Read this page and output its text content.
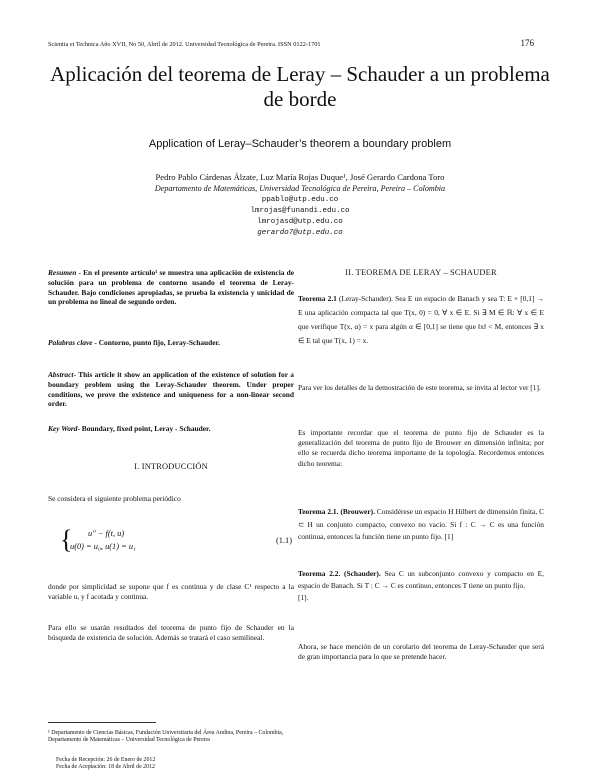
Scientia et Technica Año XVII, No 50, Abril de 2012. Universidad Tecnológica de Pereira. ISSN 0122-1701	176
Aplicación del teorema de Leray – Schauder a un problema de borde
Application of Leray–Schauder’s theorem a boundary problem
Pedro Pablo Cárdenas Álzate, Luz María Rojas Duque¹, José Gerardo Cardona Toro
Departamento de Matemáticas, Universidad Tecnológica de Pereira, Pereira – Colombia
ppablo@utp.edu.co
lmrojas@funandi.edu.co
lmrojasd@utp.edu.co
gerardo7@utp.edu.co
Resumen - En el presente artículo¹ se muestra una aplicación de existencia de solución para un problema de contorno usando el teorema de Leray-Schauder. Bajo condiciones apropiadas, se prueba la existencia y unicidad de un problema no lineal de segundo orden.
Palabras clave - Contorno, punto fijo, Leray-Schauder.
Abstract- This article it show an application of the existence of solution for a boundary problem using the Leray-Schauder theorem. Under proper conditions, we prove the existence and uniqueness for a non-linear second order.
Key Word- Boundary, fixed point, Leray - Schauder.
I. INTRODUCCIÓN
Se considera el siguiente problema periódico
{ u″ − f(t, u)
u(0) = u₀, u(1) = u₁
(1.1)
donde por simplicidad se supone que f es continua y de clase C¹ respecto a la variable u, y f acotada y continua.
Para ello se usarán resultados del teorema de punto fijo de Schauder en la búsqueda de existencia de solución. Además se tratará el caso semilineal.
¹ Departamento de Ciencias Básicas, Fundación Universitaria del Área Andina, Pereira – Colombia, Departamento de Matemáticas – Universidad Tecnológica de Pereira
Fecha de Recepción: 26 de Enero de 2012
Fecha de Aceptación: 18 de Abril de 2012
II. TEOREMA DE LERAY – SCHAUDER
Teorema 2.1 (Leray-Schauder). Sea E un espacio de Banach y sea T: E × [0,1] → E una aplicación compacta tal que T(x, 0) = 0, ∀ x ∈ E. Si ∃ M ∈ ℝ: ∀ x ∈ E que verifique T(x, α) = x para algún α ∈ [0,1] se tiene que ‖x‖ < M, entonces ∃ x ∈ E tal que T(x, 1) = x.
Para ver los detalles de la demostración de este teorema, se invita al lector ver [1].
Es importante recordar que el teorema de punto fijo de Schauder es la generalización del teorema de punto fijo de Brouwer en dimensión infinita; por ello se recuerda dicho teorema importante de la topología. Recordemos entonces dicho teorema:
Teorema 2.1. (Brouwer). Considérese un espacio H Hilbert de dimensión finita, C ⊂ H un conjunto compacto, convexo no vacío. Si f : C → C es una función continua, entonces la función tiene un punto fijo. [1]
Teorema 2.2. (Schauder). Sea C un subconjunto convexo y compacto en E, espacio de Banach. Si T : C → C es continuo, entonces T tiene un punto fijo.
[1].
Ahora, se hace mención de un corolario del teorema de Leray-Schauder que será de gran importancia para lo que se pretende hacer.
